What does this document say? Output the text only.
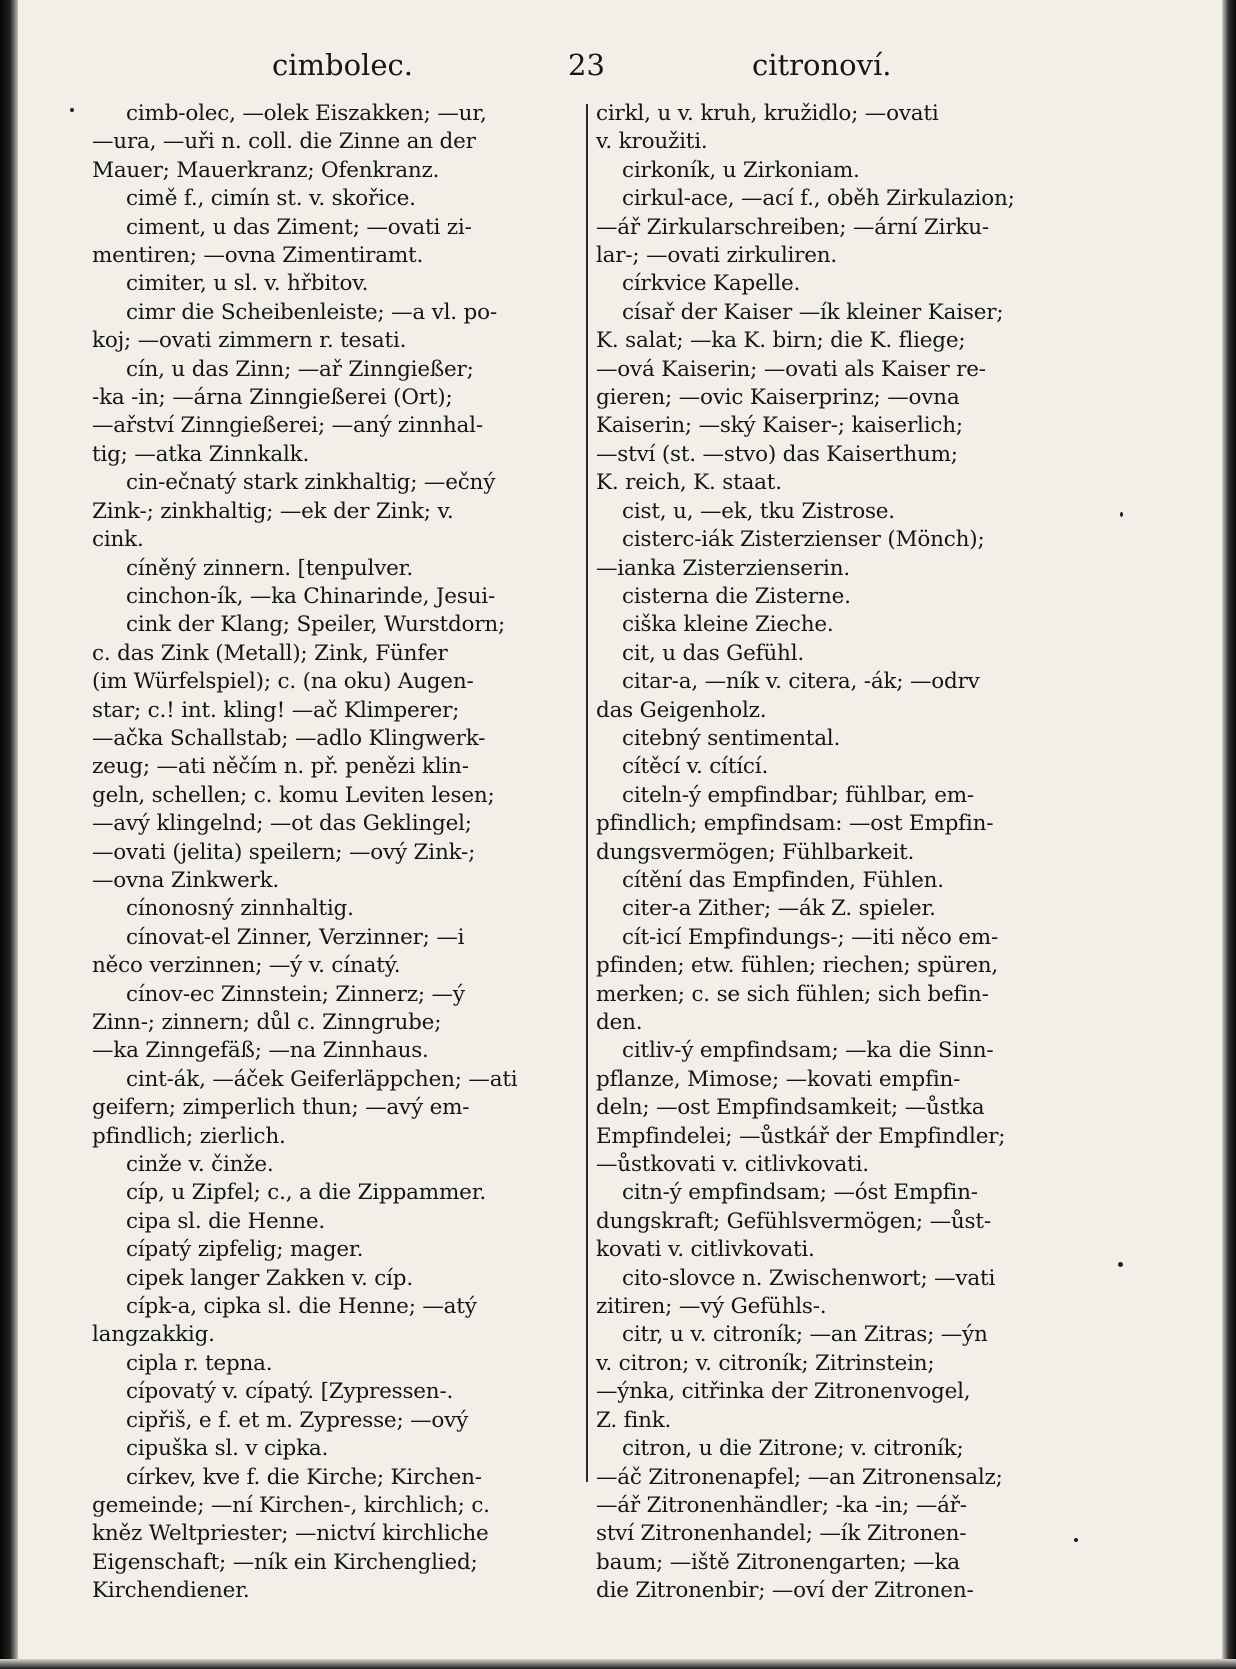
cimbolec.	23	citronoví.
cimb-olec, —olek Eiszakken; —ur,
—ura, —uři n. coll. die Zinne an der
Mauer; Mauerkranz; Ofenkranz.
cimě f., cimín st. v. skořice.
ciment, u das Ziment; —ovati zi-
mentiren; —ovna Zimentiramt.
cimiter, u sl. v. hřbitov.
cimr die Scheibenleiste; —a vl. po-
koj; —ovati zimmern r. tesati.
cín, u das Zinn; —ař Zinngießer;
-ka -in; —árna Zinngießerei (Ort);
—ařství Zinngießerei; —aný zinnhal-
tig; —atka Zinnkalk.
cin-ečnatý stark zinkhaltig; —ečný
Zink-; zinkhaltig; —ek der Zink; v.
cink.
cíněný zinnern. [tenpulver.
cinchon-ík, —ka Chinarinde, Jesui-
cink der Klang; Speiler, Wurstdorn;
c. das Zink (Metall); Zink, Fünfer
(im Würfelspiel); c. (na oku) Augen-
star; c.! int. kling! —ač Klimperer;
—ačka Schallstab; —adlo Klingwerk-
zeug; —ati něčím n. př. penězi klin-
geln, schellen; c. komu Leviten lesen;
—avý klingelnd; —ot das Geklingel;
—ovati (jelita) speilern; —ový Zink-;
—ovna Zinkwerk.
cínonosný zinnhaltig.
cínovat-el Zinner, Verzinner; —i
něco verzinnen; —ý v. cínatý.
cínov-ec Zinnstein; Zinnerz; —ý
Zinn-; zinnern; důl c. Zinngrube;
—ka Zinngefäß; —na Zinnhaus.
cint-ák, —áček Geiferläppchen; —ati
geifern; zimperlich thun; —avý em-
pfindlich; zierlich.
cinže v. činže.
cíp, u Zipfel; c., a die Zippammer.
cipa sl. die Henne.
cípatý zipfelig; mager.
cipek langer Zakken v. cíp.
cípk-a, cipka sl. die Henne; —atý
langzakkig.
cipla r. tepna.
cípovatý v. cípatý. [Zypressen-.
cipřiš, e f. et m. Zypresse; —ový
cipuška sl. v cipka.
církev, kve f. die Kirche; Kirchen-
gemeinde; —ní Kirchen-, kirchlich; c.
kněz Weltpriester; —nictví kirchliche
Eigenschaft; —ník ein Kirchenglied;
Kirchendiener.
cirkl, u v. kruh, kružidlo; —ovati
v. kroužiti.
cirkoník, u Zirkoniam.
cirkul-ace, —ací f., oběh Zirkulazion;
—ář Zirkularschreiben; —ární Zirku-
lar-; —ovati zirkuliren.
církvice Kapelle.
císař der Kaiser —ík kleiner Kaiser;
K. salat; —ka K. birn; die K. fliege;
—ová Kaiserin; —ovati als Kaiser re-
gieren; —ovic Kaiserprinz; —ovna
Kaiserin; —ský Kaiser-; kaiserlich;
—ství (st. —stvo) das Kaiserthum;
K. reich, K. staat.
cist, u, —ek, tku Zistrose.
cisterc-iák Zisterzienser (Mönch);
—ianka Zisterzienserin.
cisterna die Zisterne.
ciška kleine Zieche.
cit, u das Gefühl.
citar-a, —ník v. citera, -ák; —odrv
das Geigenholz.
citebný sentimental.
cítěcí v. cítící.
citeln-ý empfindbar; fühlbar, em-
pfindlich; empfindsam: —ost Empfin-
dungsvermögen; Fühlbarkeit.
cítění das Empfinden, Fühlen.
citer-a Zither; —ák Z. spieler.
cít-icí Empfindungs-; —iti něco em-
pfinden; etw. fühlen; riechen; spüren,
merken; c. se sich fühlen; sich befin-
den.
citliv-ý empfindsam; —ka die Sinn-
pflanze, Mimose; —kovati empfin-
deln; —ost Empfindsamkeit; —ůstka
Empfindelei; —ůstkář der Empfindler;
—ůstkovati v. citlivkovati.
citn-ý empfindsam; —óst Empfin-
dungskraft; Gefühlsvermögen; —ůst-
kovati v. citlivkovati.
cito-slovce n. Zwischenwort; —vati
zitiren; —vý Gefühls-.
citr, u v. citroník; —an Zitras; —ýn
v. citron; v. citroník; Zitrinstein;
—ýnka, citřinka der Zitronenvogel,
Z. fink.
citron, u die Zitrone; v. citroník;
—áč Zitronenapfel; —an Zitronensalz;
—ář Zitronenhändler; -ka -in; —ář-
ství Zitronenhandel; —ík Zitronen-
baum; —iště Zitronengarten; —ka
die Zitronenbir; —oví der Zitronen-
